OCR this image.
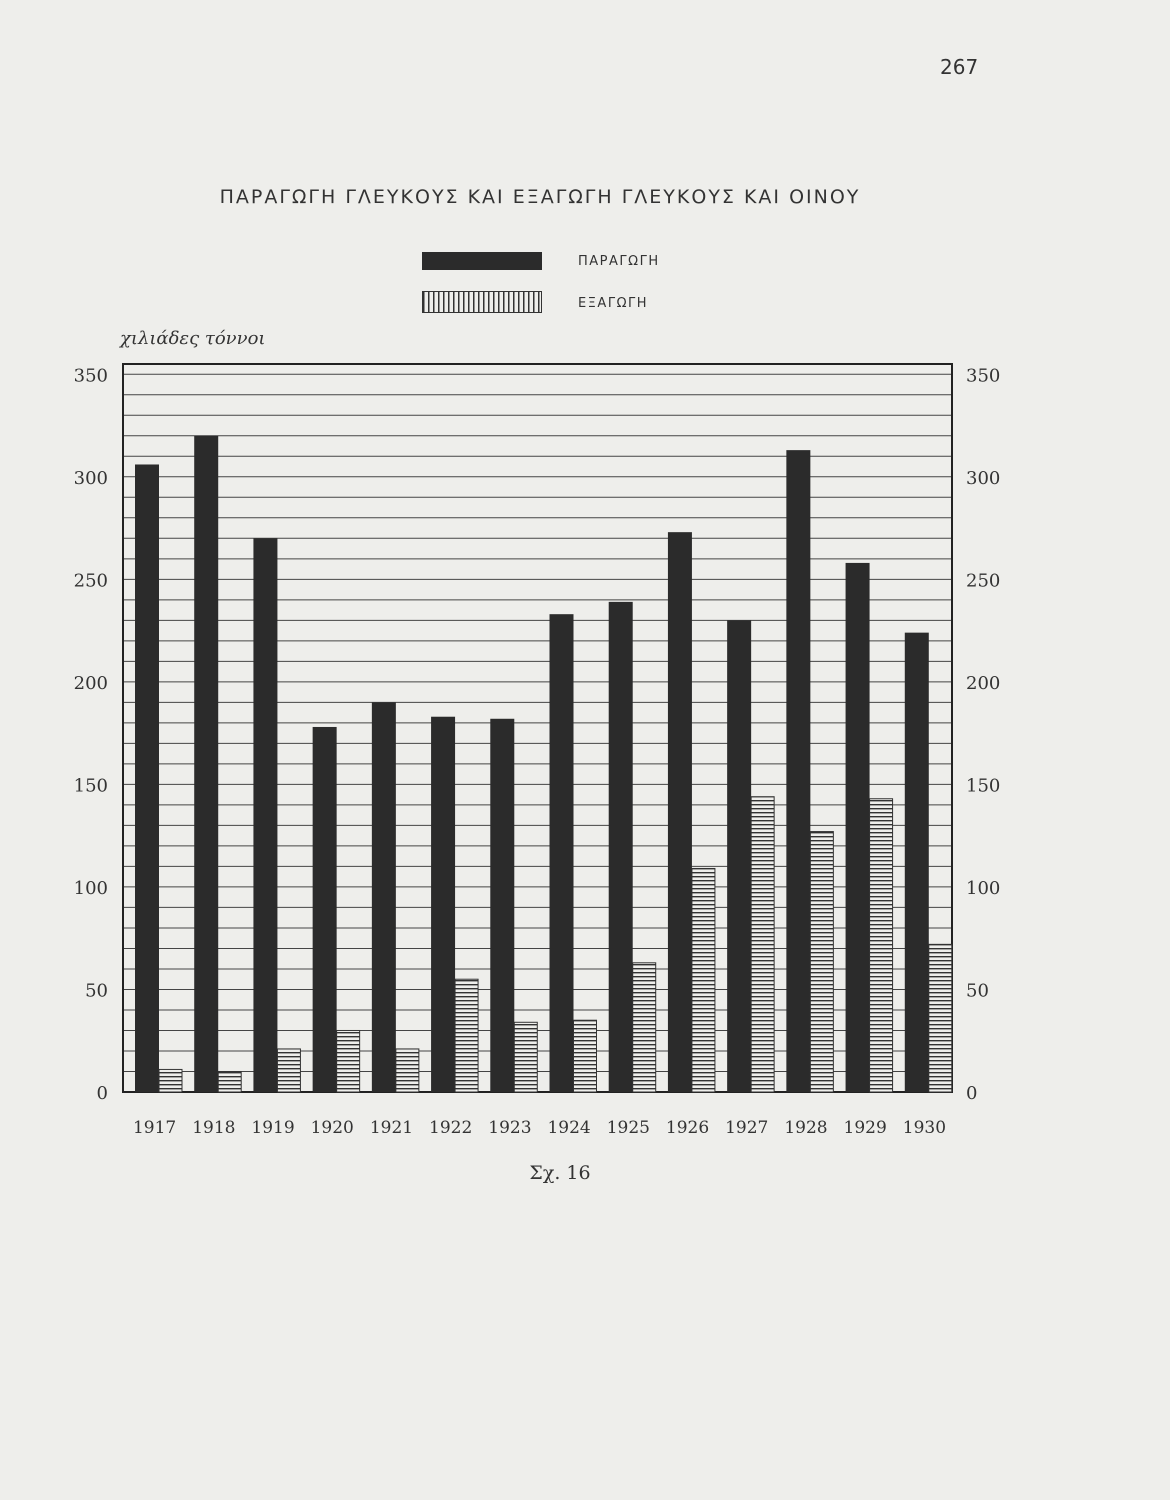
267
ΠΑΡΑΓΩΓΗ ΓΛΕΥΚΟΥΣ ΚΑΙ ΕΞΑΓΩΓΗ ΓΛΕΥΚΟΥΣ ΚΑΙ ΟΙΝΟΥ
ΠΑΡΑΓΩΓΗ
ΕΞΑΓΩΓΗ
χιλιάδες τόννοι
0	0
50	50
100	100
150	150
200	200
250	250
300	300
350	350
1917 1918 1919 1920 1921 1922 1923 1924 1925 1926 1927 1928 1929 1930
Σχ. 16
